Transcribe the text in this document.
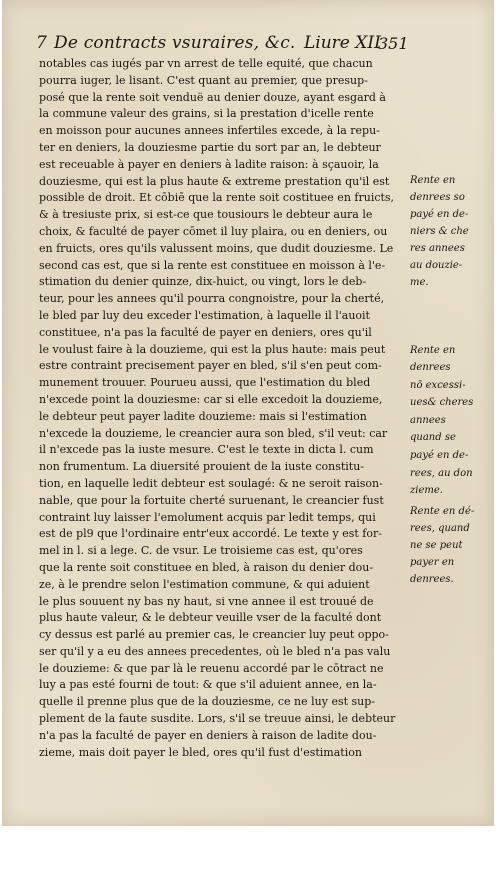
7 De contracts vsuraires, &c. Liure XII
351
notables cas iugés par vn arrest de telle equité, que chacun
pourra iuger, le lisant. C'est quant au premier, que presup-
posé que la rente soit venduë au denier douze, ayant esgard à
la commune valeur des grains, si la prestation d'icelle rente
en moisson pour aucunes annees infertiles excede, à la repu-
ter en deniers, la douziesme partie du sort par an, le debteur
est receuable à payer en deniers à ladite raison: à sçauoir, la
douziesme, qui est la plus haute & extreme prestation qu'il est
possible de droit. Et cōbiē que la rente soit costituee en fruicts,
& à tresiuste prix, si est-ce que tousiours le debteur aura le
choix, & faculté de payer cōmet il luy plaira, ou en deniers, ou
en fruicts, ores qu'ils valussent moins, que dudit douziesme. Le
second cas est, que si la rente est constituee en moisson à l'e-
stimation du denier quinze, dix-huict, ou vingt, lors le deb-
teur, pour les annees qu'il pourra congnoistre, pour la cherté,
le bled par luy deu exceder l'estimation, à laquelle il l'auoit
constituee, n'a pas la faculté de payer en deniers, ores qu'il
le voulust faire à la douzieme, qui est la plus haute: mais peut
estre contraint precisement payer en bled, s'il s'en peut com-
munement trouuer. Pourueu aussi, que l'estimation du bled
n'excede point la douziesme: car si elle excedoit la douzieme,
le debteur peut payer ladite douzieme: mais si l'estimation
n'excede la douzieme, le creancier aura son bled, s'il veut: car
il n'excede pas la iuste mesure. C'est le texte in dicta l. cum
non frumentum. La diuersité prouient de la iuste constitu-
tion, en laquelle ledit debteur est soulagé: & ne seroit raison-
nable, que pour la fortuite cherté suruenant, le creancier fust
contraint luy laisser l'emolument acquis par ledit temps, qui
est de pl9 que l'ordinaire entr'eux accordé. Le texte y est for-
mel in l. si a lege. C. de vsur. Le troisieme cas est, qu'ores
que la rente soit constituee en bled, à raison du denier dou-
ze, à le prendre selon l'estimation commune, & qui aduient
le plus souuent ny bas ny haut, si vne annee il est trouué de
plus haute valeur, & le debteur veuille vser de la faculté dont
cy dessus est parlé au premier cas, le creancier luy peut oppo-
ser qu'il y a eu des annees precedentes, où le bled n'a pas valu
le douzieme: & que par là le reuenu accordé par le cōtract ne
luy a pas esté fourni de tout: & que s'il aduient annee, en la-
quelle il prenne plus que de la douziesme, ce ne luy est sup-
plement de la faute susdite. Lors, s'il se treuue ainsi, le debteur
n'a pas la faculté de payer en deniers à raison de ladite dou-
zieme, mais doit payer le bled, ores qu'il fust d'estimation
Rente en
denrees so
payé en de-
niers & che
res annees
au douzie-
me.
Rente en
denrees
nō excessi-
ues& cheres
annees
quand se
payé en de-
rees, au don
zieme.
Rente en dé-
rees, quand
ne se peut
payer en
denrees.
